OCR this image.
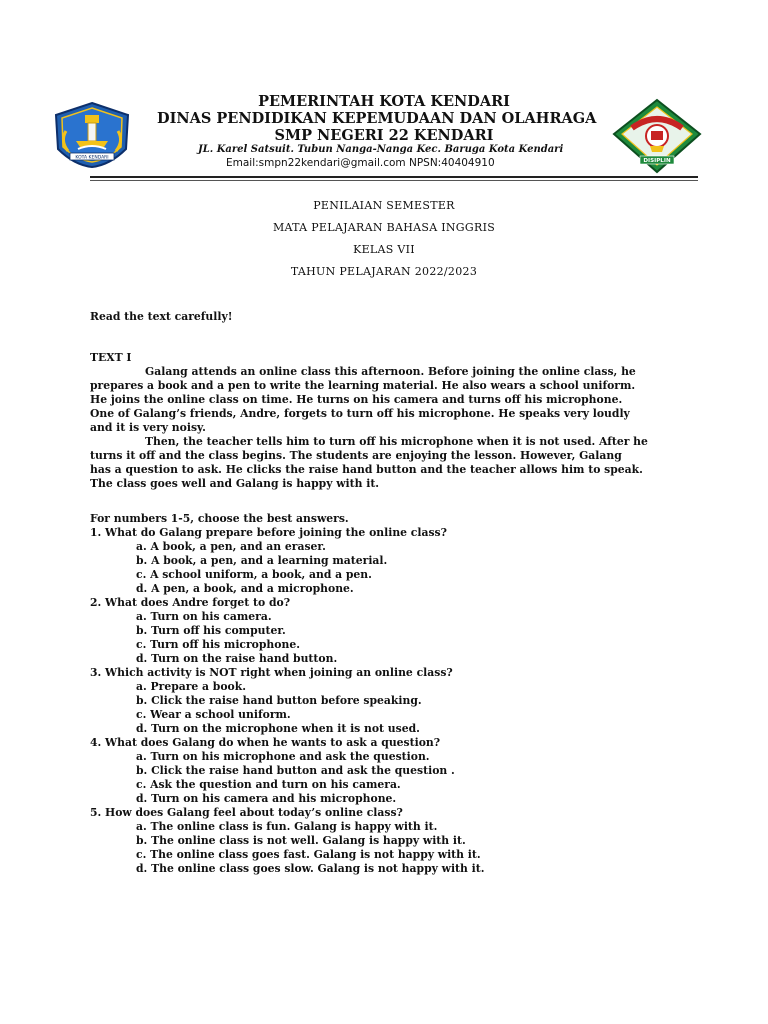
KOTA KENDARI
DISIPLIN
PEMERINTAH KOTA KENDARI
DINAS PENDIDIKAN KEPEMUDAAN DAN OLAHRAGA
SMP NEGERI 22 KENDARI
JL. Karel Satsuit. Tubun Nanga-Nanga Kec. Baruga Kota Kendari
Email:smpn22kendari@gmail.com NPSN:40404910
PENILAIAN SEMESTER
MATA PELAJARAN BAHASA INGGRIS
KELAS VII
TAHUN PELAJARAN 2022/2023
Read the text carefully!
TEXT I
Galang attends an online class this afternoon. Before joining the online class, he
prepares a book and a pen to write the learning material. He also wears a school uniform.
He joins the online class on time. He turns on his camera and turns off his microphone.
One of Galang’s friends, Andre, forgets to turn off his microphone. He speaks very loudly
and it is very noisy.
Then, the teacher tells him to turn off his microphone when it is not used. After he
turns it off and the class begins. The students are enjoying the lesson. However, Galang
has a question to ask. He clicks the raise hand button and the teacher allows him to speak.
The class goes well and Galang is happy with it.
For numbers 1-5, choose the best answers.
1. What do Galang prepare before joining the online class?
a. A book, a pen, and an eraser.
b. A book, a pen, and a learning material.
c. A school uniform, a book, and a pen.
d. A pen, a book, and a microphone.
2. What does Andre forget to do?
a. Turn on his camera.
b. Turn off his computer.
c. Turn off his microphone.
d. Turn on the raise hand button.
3. Which activity is NOT right when joining an online class?
a. Prepare a book.
b. Click the raise hand button before speaking.
c. Wear a school uniform.
d. Turn on the microphone when it is not used.
4. What does Galang do when he wants to ask a question?
a. Turn on his microphone and ask the question.
b. Click the raise hand button and ask the question .
c. Ask the question and turn on his camera.
d. Turn on his camera and his microphone.
5. How does Galang feel about today’s online class?
a. The online class is fun. Galang is happy with it.
b. The online class is not well. Galang is happy with it.
c. The online class goes fast. Galang is not happy with it.
d. The online class goes slow. Galang is not happy with it.
